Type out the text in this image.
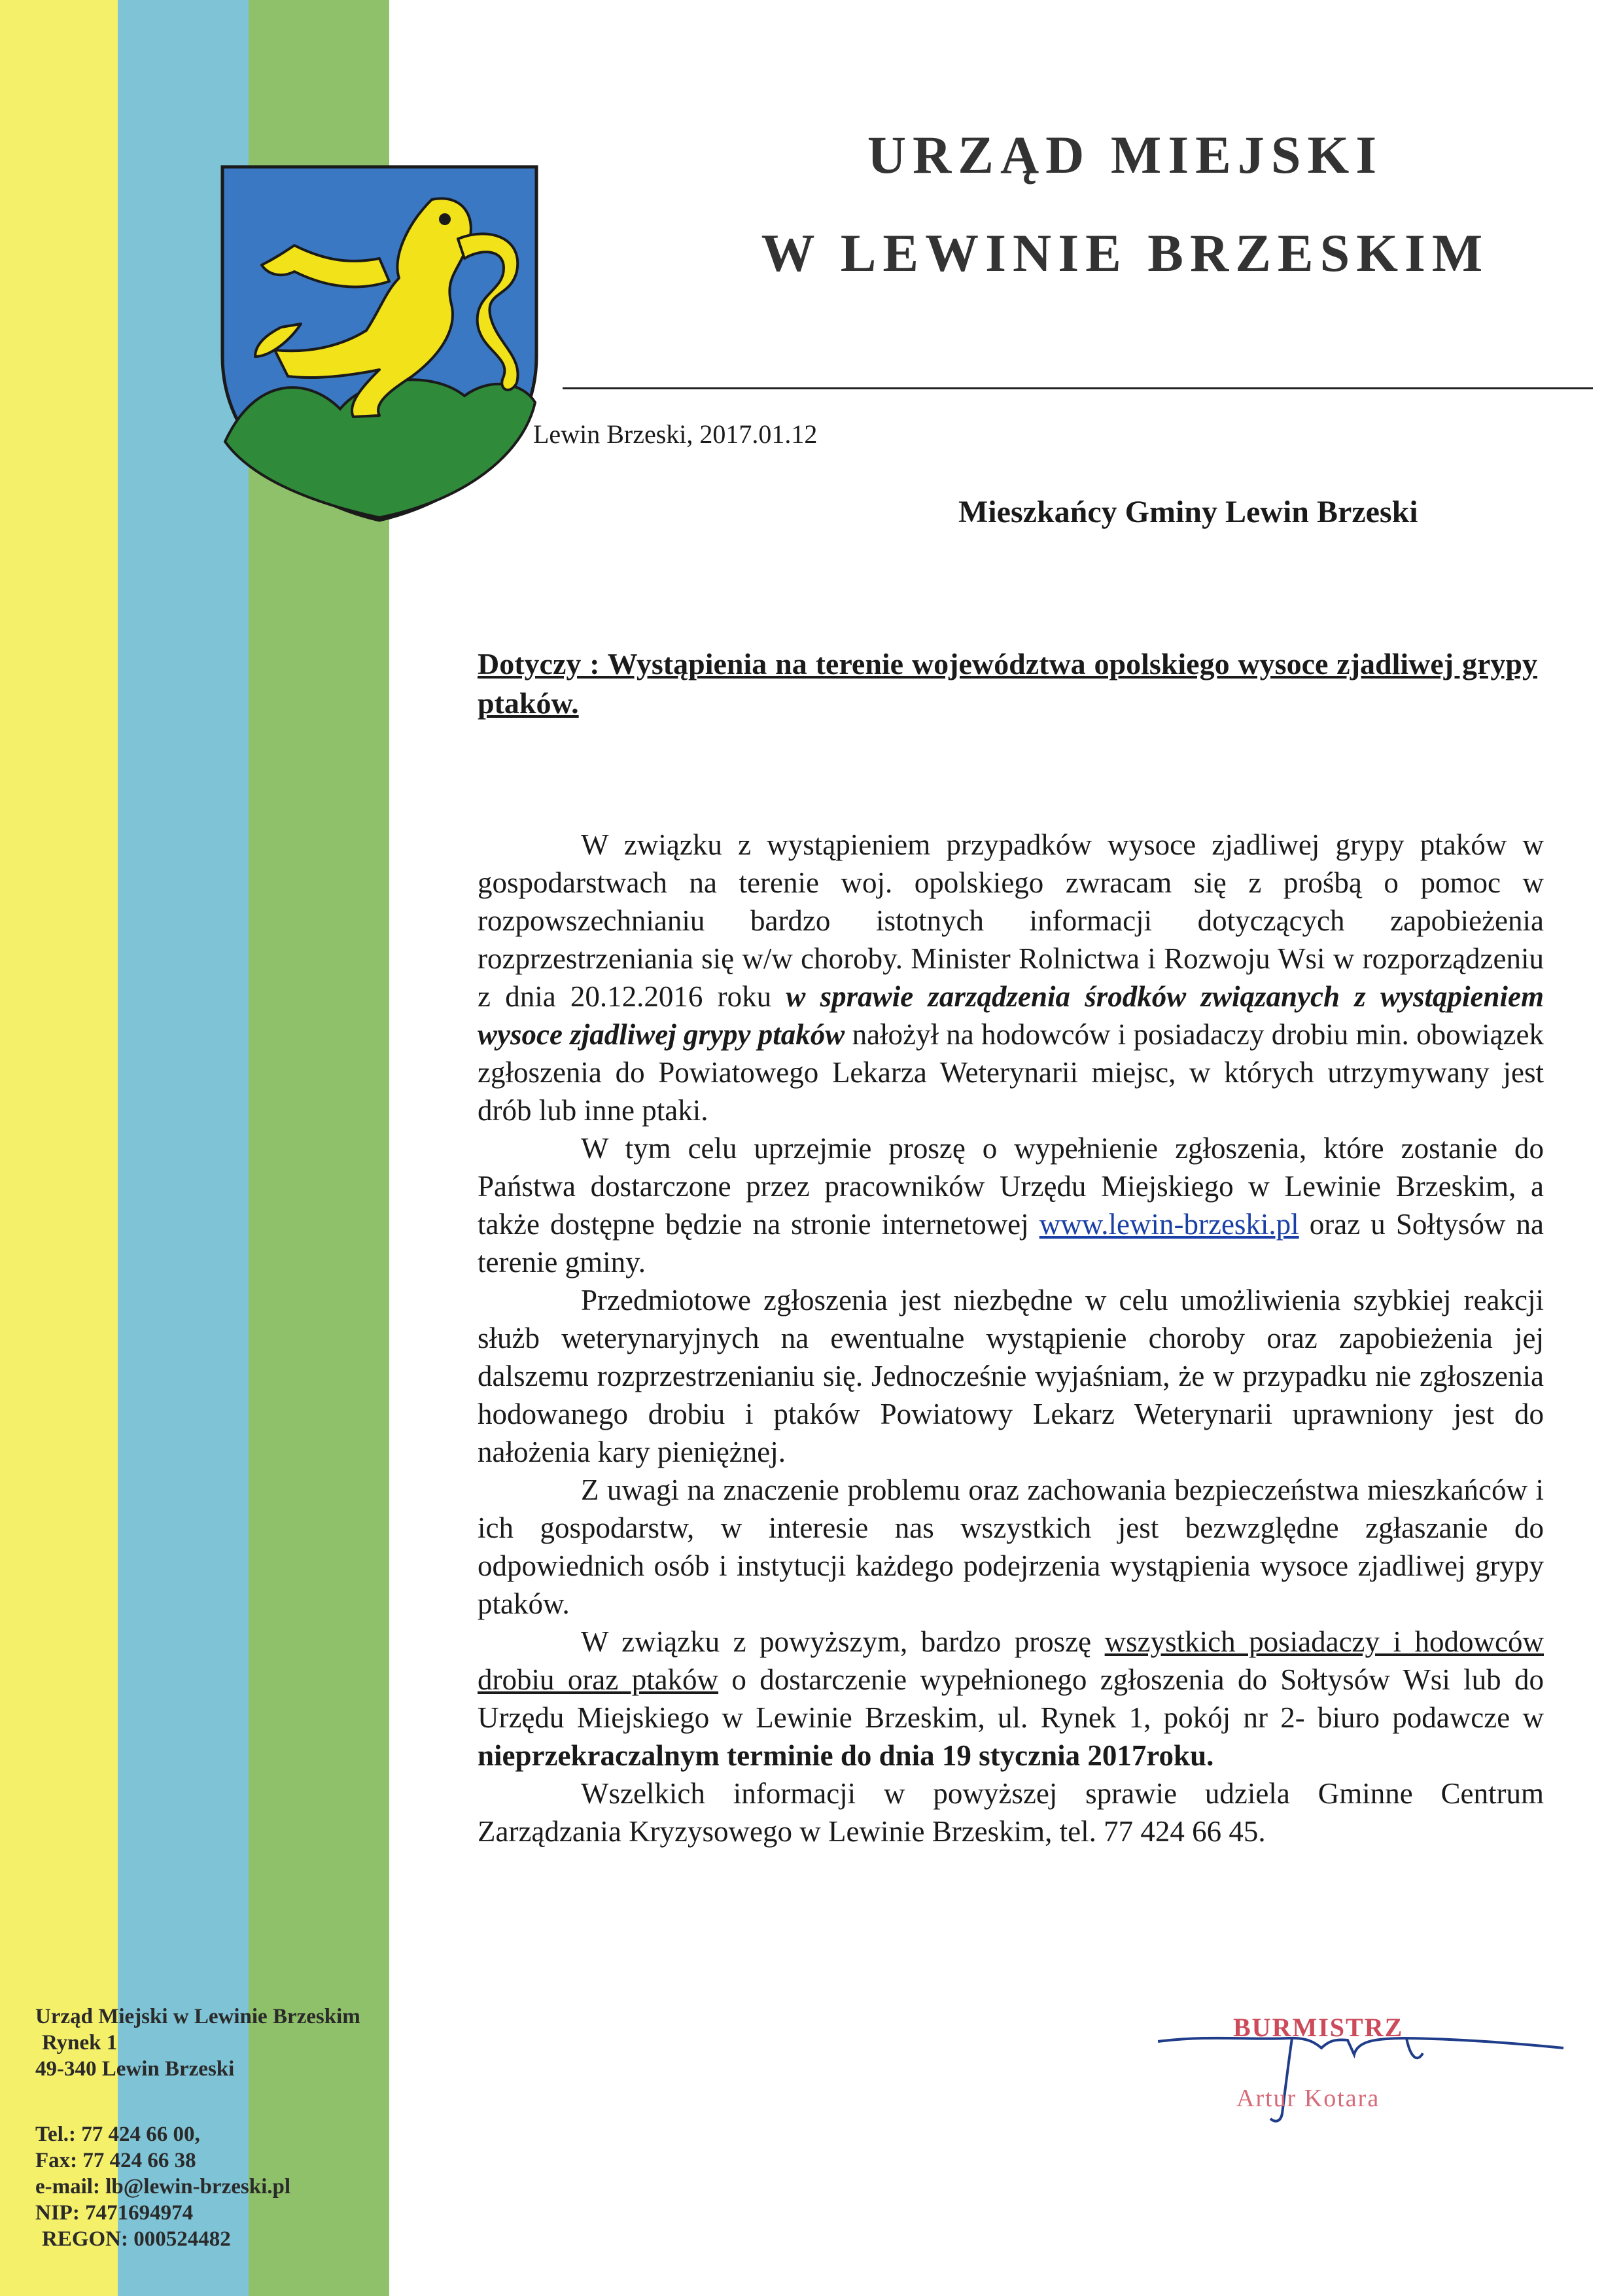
URZĄD MIEJSKI
W LEWINIE BRZESKIM
Lewin Brzeski, 2017.01.12
Mieszkańcy Gminy Lewin Brzeski
Dotyczy : Wystąpienia na terenie województwa opolskiego wysoce zjadliwej grypy ptaków.

W związku z wystąpieniem przypadków wysoce zjadliwej grypy ptaków w gospodarstwach na terenie woj. opolskiego zwracam się z prośbą o pomoc w rozpowszechnianiu bardzo istotnych informacji dotyczących zapobieżenia rozprzestrzeniania się w/w choroby. Minister Rolnictwa i Rozwoju Wsi w rozporządzeniu z dnia 20.12.2016 roku w sprawie zarządzenia środków związanych z wystąpieniem wysoce zjadliwej grypy ptaków nałożył na hodowców i posiadaczy drobiu min. obowiązek zgłoszenia do Powiatowego Lekarza Weterynarii miejsc, w których utrzymywany jest drób lub inne ptaki.

W tym celu uprzejmie proszę o wypełnienie zgłoszenia, które zostanie do Państwa dostarczone przez pracowników Urzędu Miejskiego w Lewinie Brzeskim, a także dostępne będzie na stronie internetowej www.lewin-brzeski.pl oraz u Sołtysów na terenie gminy.

Przedmiotowe zgłoszenia jest niezbędne w celu umożliwienia szybkiej reakcji służb weterynaryjnych na ewentualne wystąpienie choroby oraz zapobieżenia jej dalszemu rozprzestrzenianiu się. Jednocześnie wyjaśniam, że w przypadku nie zgłoszenia hodowanego drobiu i ptaków Powiatowy Lekarz Weterynarii uprawniony jest do nałożenia kary pieniężnej.

Z uwagi na znaczenie problemu oraz zachowania bezpieczeństwa mieszkańców i ich gospodarstw, w interesie nas wszystkich jest bezwzględne zgłaszanie do odpowiednich osób i instytucji każdego podejrzenia wystąpienia wysoce zjadliwej grypy ptaków.

W związku z powyższym, bardzo proszę wszystkich posiadaczy i hodowców drobiu oraz ptaków o dostarczenie wypełnionego zgłoszenia do Sołtysów Wsi lub do Urzędu Miejskiego w Lewinie Brzeskim, ul. Rynek 1, pokój nr 2- biuro podawcze w nieprzekraczalnym terminie do dnia 19 stycznia 2017roku.

Wszelkich informacji w powyższej sprawie udziela Gminne Centrum Zarządzania Kryzysowego w Lewinie Brzeskim, tel. 77 424 66 45.

Urząd Miejski w Lewinie Brzeskim
Rynek 1
49-340 Lewin Brzeski
Tel.: 77 424 66 00,
Fax: 77 424 66 38
e-mail: lb@lewin-brzeski.pl
NIP: 7471694974
REGON: 000524482
BURMISTRZ
Artur Kotara
